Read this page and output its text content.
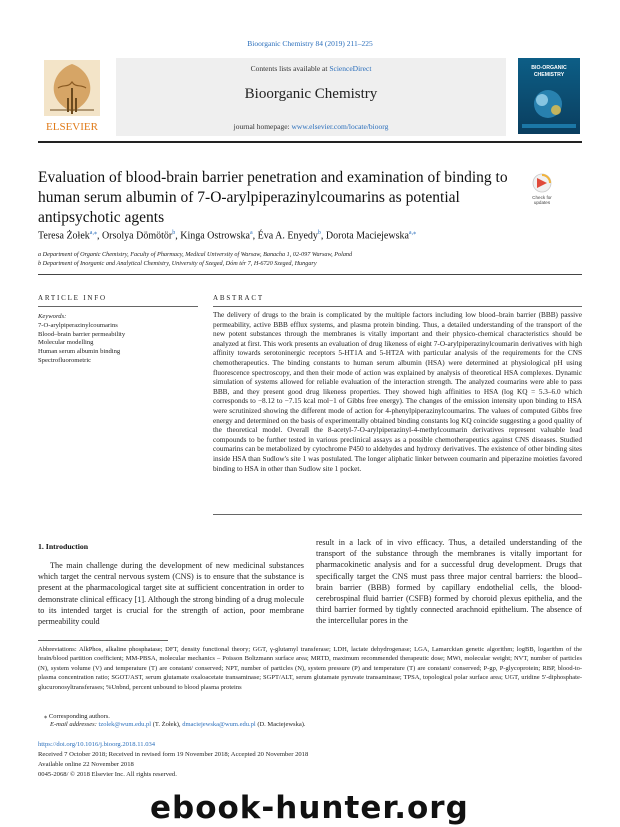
Bioorganic Chemistry 84 (2019) 211–225
ELSEVIER
Contents lists available at ScienceDirect
Bioorganic Chemistry
journal homepage: www.elsevier.com/locate/bioorg
BIO-ORGANIC
CHEMISTRY
Evaluation of blood-brain barrier penetration and examination of binding to human serum albumin of 7-O-arylpiperazinylcoumarins as potential antipsychotic agents
Check for
updates
Teresa Żołek$^{a,⁎}$, Orsolya Dömötör$^b$, Kinga Ostrowska$^a$, Éva A. Enyedy$^b$, Dorota Maciejewska$^{a,⁎}$
a Department of Organic Chemistry, Faculty of Pharmacy, Medical University of Warsaw, Banacha 1, 02-097 Warsaw, Poland
b Department of Inorganic and Analytical Chemistry, University of Szeged, Dóm tér 7, H-6720 Szeged, Hungary
ARTICLE INFO	ABSTRACT
Keywords:
7-O-arylpiperazinylcoumarins
Blood–brain barrier permeability
Molecular modelling
Human serum albumin binding
Spectrofluorometric
The delivery of drugs to the brain is complicated by the multiple factors including low blood–brain barrier (BBB) passive permeability, active BBB efflux systems, and plasma protein binding. Thus, a detailed understanding of the transport of the new potent substances through the membranes is vitally important and their physico-chemical characteristics should be analyzed at first. This work presents an evaluation of drug likeness of eight 7-O-arylpiperazinylcoumarin derivatives with high affinity towards serotoninergic receptors 5-HT1A and 5-HT2A with particular analysis of the requirements for the CNS chemotherapeutics. The binding constants to human serum albumin (HSA) were determined at physiological pH using fluorescence spectroscopy, and then their mode of action was explained by analysis of theoretical HSA complexes. Dynamic simulation of systems allowed for reliable evaluation of the interaction strength. The analyzed coumarins were able to pass BBB, and they present good drug likeness properties. They showed high affinities to HSA (log KQ = 5.3–6.0 which corresponds to −8.12 to −7.15 kcal mol−1 of Gibbs free energy). The changes of the emission intensity upon binding to HSA were scrutinized showing the different mode of action for 4-phenylpiperazinylcoumarins. The values of computed Gibbs free energy and determined on the basis of experimentally obtained binding constants log KQ coincide suggesting a good quality of the theoretical model. Overall the 8-acetyl-7-O-arylpiperazinyl-4-methylcoumarin derivatives represent valuable lead compounds to be further tested in various preclinical assays as a possible chemotherapeutics against CNS diseases. Studied coumarins can be metabolized by cytochrome P450 to aldehydes and hydroxy derivatives. The existence of other binding sites inside HSA than Sudlow's site 1 was postulated. The longer aliphatic linker between coumarin and piperazine moieties favored binding to HSA in other than Sudlow site 1 pocket.
1. Introduction
The main challenge during the development of new medicinal substances which target the central nervous system (CNS) is to ensure that the substance is present at the pharmacological target site at sufficient concentration in order to demonstrate clinical efficacy [1]. Although the strong binding of a drug molecule to its intended target is crucial for the strength of action, poor membrane permeability could
result in a lack of in vivo efficacy. Thus, a detailed understanding of the transport of the substance through the membranes is vitally important for pharmacokinetic analysis and for a successful drug development. Drugs that specifically target the CNS must pass three major central barriers: the blood–brain barrier (BBB) formed by capillary endothelial cells, the blood-cerebrospinal fluid barrier (CSFB) formed by choroid plexus epithelia, and the third barrier formed by tightly connected arachnoid epithelium. The absence of the intercellular pores in the
Abbreviations: AlkPhos, alkaline phosphatase; DFT, density functional theory; GGT, γ-glutamyl transferase; LDH, lactate dehydrogenase; LGA, Lamarckian genetic algorithm; logBB, logarithm of the brain/blood partition coefficient; MM-PBSA, molecular mechanics – Poisson Boltzmann surface area; MRTD, maximum recommended therapeutic dose; MWt, molecular weight; NVT, number of particles (N), system volume (V) and temperature (T) are constant/ conserved; NPT, number of particles (N), system pressure (P) and temperature (T) are constant/ conserved; P-gp, P-glycoprotein; RBP, blood-to-plasma concentration ratio; SGOT/AST, serum glutamate oxaloacetate transaminase; SGPT/ALT, serum glutamate pyruvate transaminase; TPSA, topological polar surface area; UGT, uridine 5′-diphosphate-glucuronosyltransferases; %Unbnd, percent unbound to blood plasma proteins
⁎ Corresponding authors.
E-mail addresses: tzolek@wum.edu.pl (T. Żołek), dmaciejewska@wum.edu.pl (D. Maciejewska).
https://doi.org/10.1016/j.bioorg.2018.11.034
Received 7 October 2018; Received in revised form 19 November 2018; Accepted 20 November 2018
Available online 22 November 2018
0045-2068/ © 2018 Elsevier Inc. All rights reserved.
ebook-hunter.org
